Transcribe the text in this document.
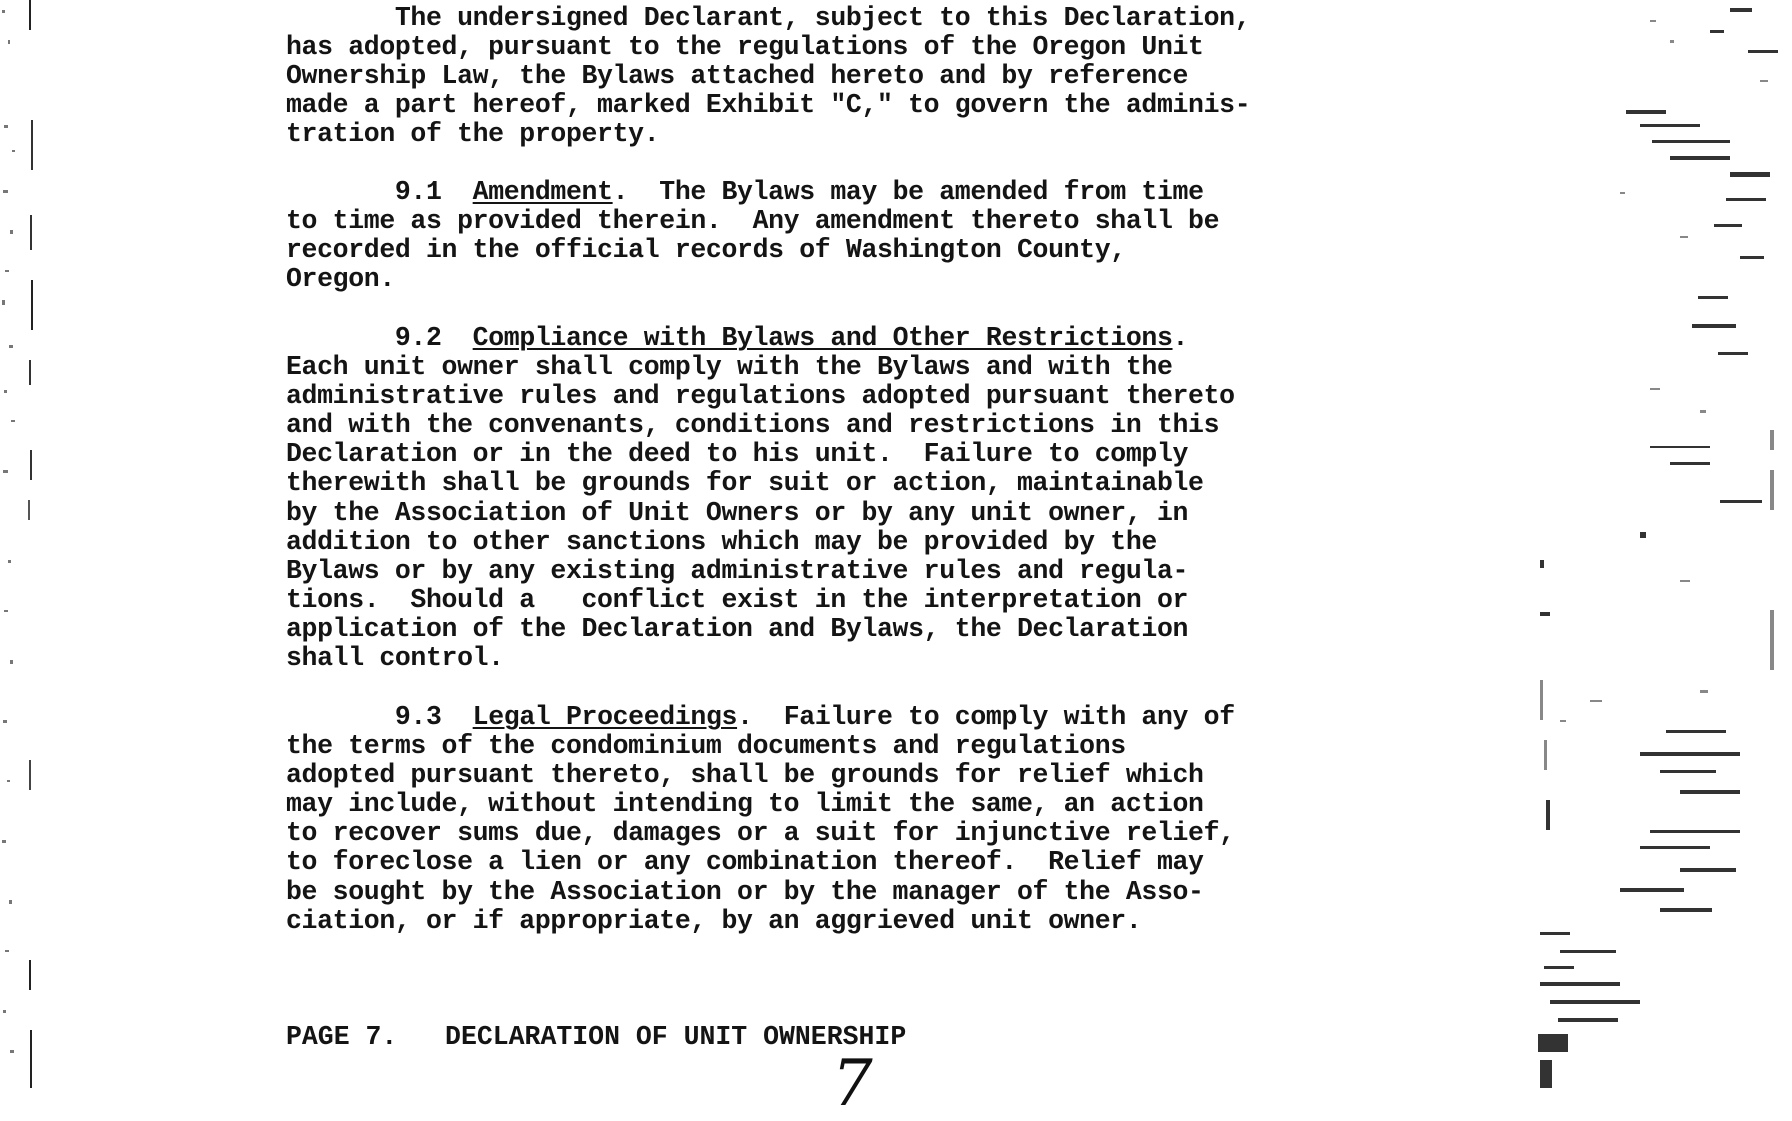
The undersigned Declarant, subject to this Declaration,
has adopted, pursuant to the regulations of the Oregon Unit
Ownership Law, the Bylaws attached hereto and by reference
made a part hereof, marked Exhibit "C," to govern the adminis-
tration of the property.

9.1 Amendment.  The Bylaws may be amended from time
to time as provided therein.  Any amendment thereto shall be
recorded in the official records of Washington County,
Oregon.

9.2 Compliance with Bylaws and Other Restrictions.
Each unit owner shall comply with the Bylaws and with the
administrative rules and regulations adopted pursuant thereto
and with the convenants, conditions and restrictions in this
Declaration or in the deed to his unit.  Failure to comply
therewith shall be grounds for suit or action, maintainable
by the Association of Unit Owners or by any unit owner, in
addition to other sanctions which may be provided by the
Bylaws or by any existing administrative rules and regula-
tions.  Should a   conflict exist in the interpretation or
application of the Declaration and Bylaws, the Declaration
shall control.

9.3 Legal Proceedings.  Failure to comply with any of
the terms of the condominium documents and regulations
adopted pursuant thereto, shall be grounds for relief which
may include, without intending to limit the same, an action
to recover sums due, damages or a suit for injunctive relief,
to foreclose a lien or any combination thereof.  Relief may
be sought by the Association or by the manager of the Asso-
ciation, or if appropriate, by an aggrieved unit owner.

PAGE 7. DECLARATION OF UNIT OWNERSHIP

7
